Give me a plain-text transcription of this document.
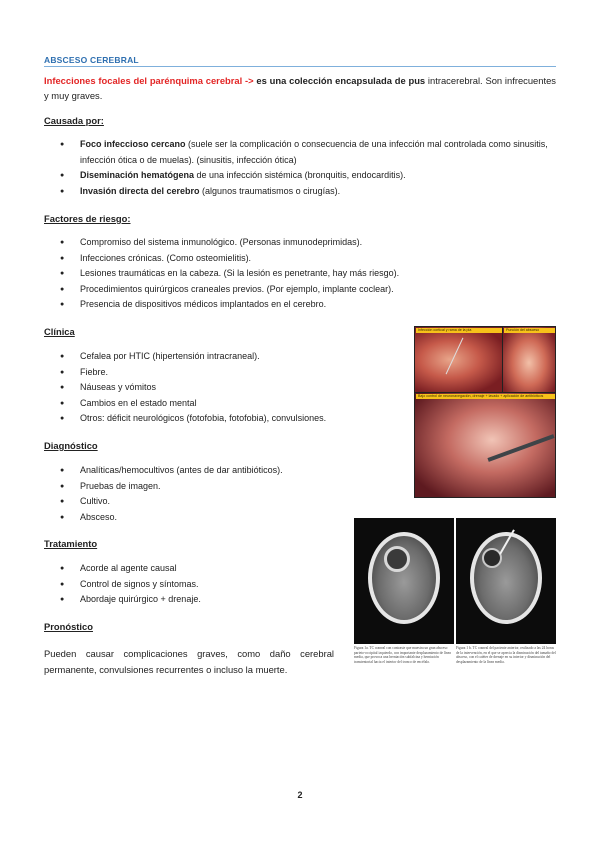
ABSCESO CEREBRAL
Infecciones focales del parénquima cerebral -> es una colección encapsulada de pus intracerebral. Son infrecuentes y muy graves.
Causada por:
● Foco infeccioso cercano (suele ser la complicación o consecuencia de una infección mal controlada como sinusitis, infección ótica o de muelas). (sinusitis, infección ótica)
● Diseminación hematógena de una infección sistémica (bronquitis, endocarditis).
● Invasión directa del cerebro (algunos traumatismos o cirugías).
Factores de riesgo:
● Compromiso del sistema inmunológico. (Personas inmunodeprimidas).
● Infecciones crónicas. (Como osteomielitis).
● Lesiones traumáticas en la cabeza. (Si la lesión es penetrante, hay más riesgo).
● Procedimientos quirúrgicos craneales previos. (Por ejemplo, implante coclear).
● Presencia de dispositivos médicos implantados en el cerebro.
Clínica
● Cefalea por HTIC (hipertensión intracraneal).
● Fiebre.
● Náuseas y vómitos
● Cambios en el estado mental
● Otros: déficit neurológicos (fotofobia, fotofobia), convulsiones.
Diagnóstico
● Analíticas/hemocultivos (antes de dar antibióticos).
● Pruebas de imagen.
● Cultivo.
● Absceso.
Tratamiento
● Acorde al agente causal
● Control de signos y síntomas.
● Abordaje quirúrgico + drenaje.
Pronóstico
Pueden causar complicaciones graves, como daño cerebral permanente, convulsiones recurrentes o incluso la muerte.
Infección cortical y rama de la pia	Punción del absceso
Bajo control de neuronavegación, drenaje + lavado + aplicación de antibióticos
Figura 1a. TC craneal con contraste que muestra un gran absceso parieto-occipital izquierdo, con importante desplazamiento de línea media, que provoca una herniación subfalcina y herniación transtentorial hacia el interior del tronco de encéfalo.
Figura 1 b. TC craneal del paciente anterior, realizado a las 24 horas de la intervención, en el que se aprecia la disminución del tamaño del absceso, con el catéter de drenaje en su interior y disminución del desplazamiento de la línea media.
2
